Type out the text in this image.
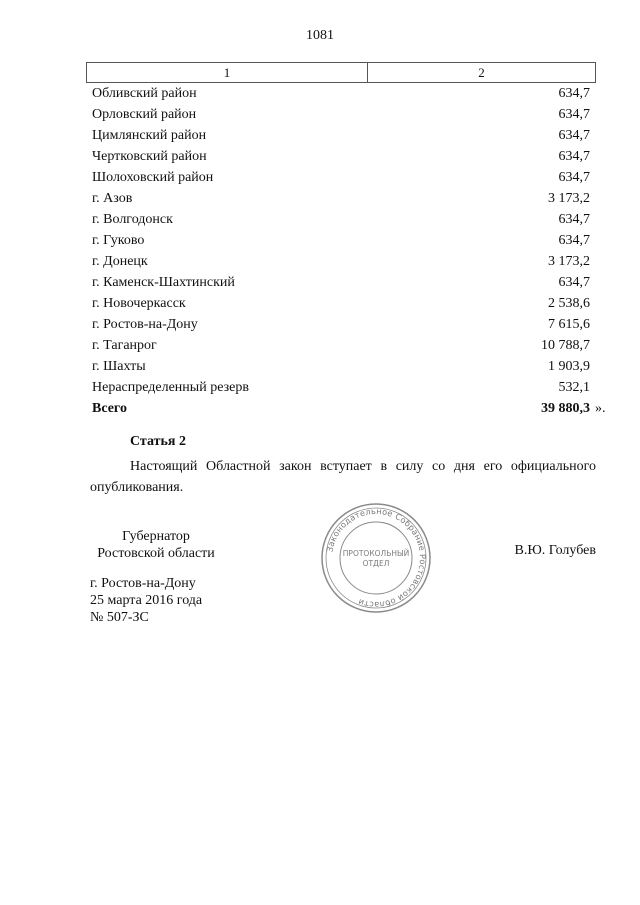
1081
1	2
Обливский район	634,7
Орловский район	634,7
Цимлянский район	634,7
Чертковский район	634,7
Шолоховский район	634,7
г. Азов	3 173,2
г. Волгодонск	634,7
г. Гуково	634,7
г. Донецк	3 173,2
г. Каменск-Шахтинский	634,7
г. Новочеркасск	2 538,6
г. Ростов-на-Дону	7 615,6
г. Таганрог	10 788,7
г. Шахты	1 903,9
Нераспределенный резерв	532,1
Всего	39 880,3 ».
Статья 2
Настоящий Областной закон вступает в силу со дня его официального опубликования.
Губернатор
Ростовской области	В.Ю. Голубев
г. Ростов-на-Дону
25 марта 2016 года
№ 507-ЗС
Законодательное Собрание Ростовской области
ПРОТОКОЛЬНЫЙ
ОТДЕЛ
